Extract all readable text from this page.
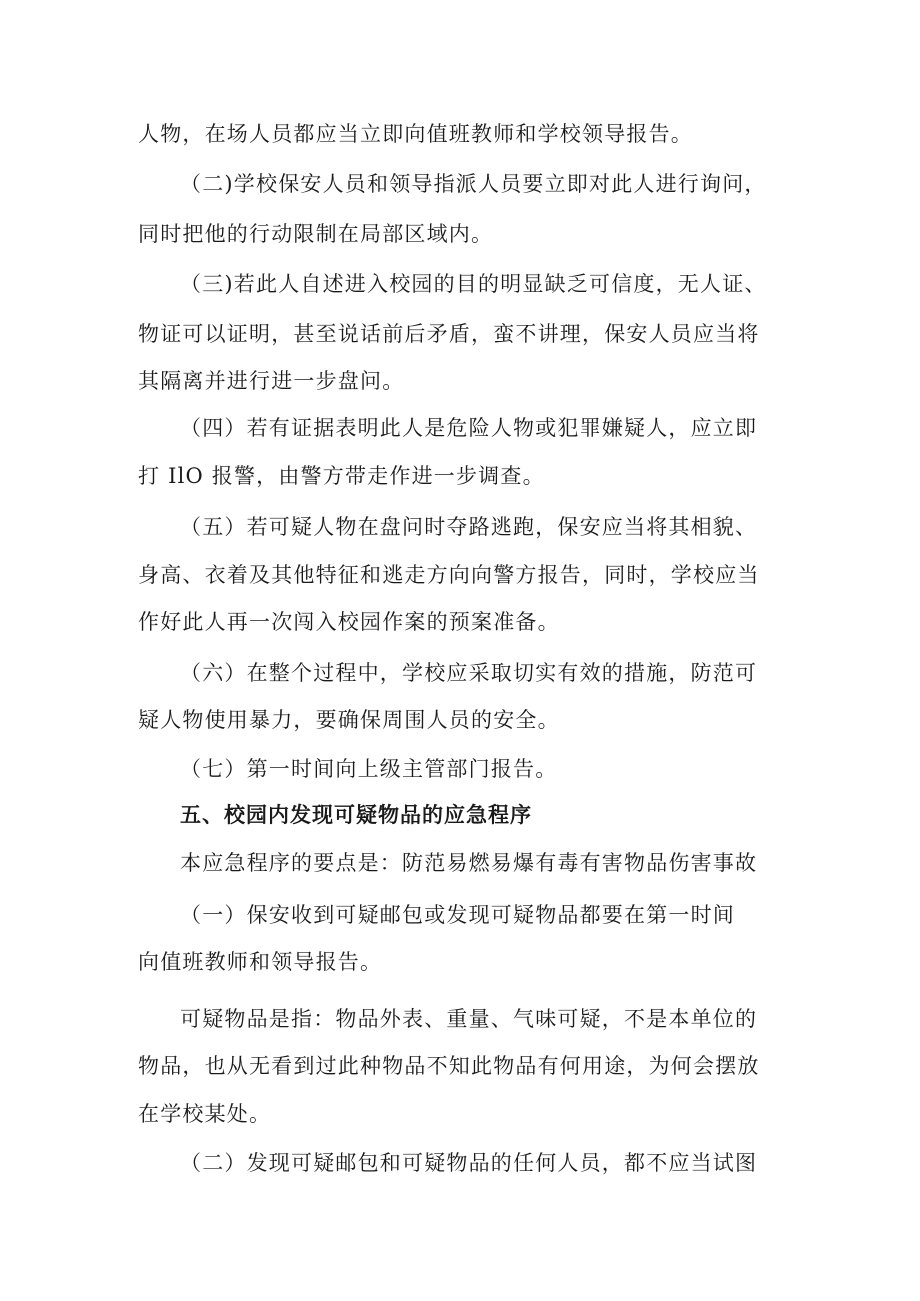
人物，在场人员都应当立即向值班教师和学校领导报告。
（二)学校保安人员和领导指派人员要立即对此人进行询问，
同时把他的行动限制在局部区域内。
（三)若此人自述进入校园的目的明显缺乏可信度，无人证、
物证可以证明，甚至说话前后矛盾，蛮不讲理，保安人员应当将
其隔离并进行进一步盘问。
（四）若有证据表明此人是危险人物或犯罪嫌疑人，应立即
打 IlO 报警，由警方带走作进一步调查。
（五）若可疑人物在盘问时夺路逃跑，保安应当将其相貌、
身高、衣着及其他特征和逃走方向向警方报告，同时，学校应当
作好此人再一次闯入校园作案的预案准备。
（六）在整个过程中，学校应采取切实有效的措施，防范可
疑人物使用暴力，要确保周围人员的安全。
（七）第一时间向上级主管部门报告。
五、校园内发现可疑物品的应急程序
本应急程序的要点是：防范易燃易爆有毒有害物品伤害事故
（一）保安收到可疑邮包或发现可疑物品都要在第一时间
向值班教师和领导报告。
可疑物品是指：物品外表、重量、气味可疑，不是本单位的
物品，也从无看到过此种物品不知此物品有何用途，为何会摆放
在学校某处。
（二）发现可疑邮包和可疑物品的任何人员，都不应当试图
